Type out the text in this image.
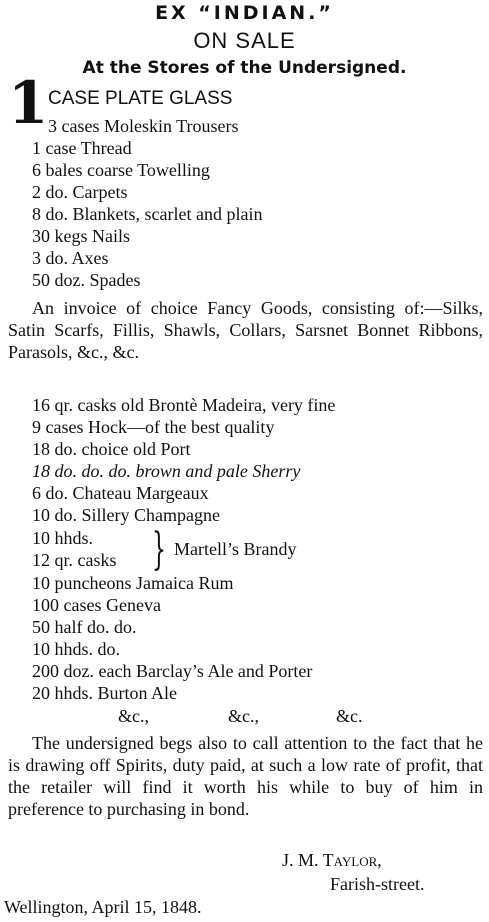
EX “INDIAN.”
ON SALE
At the Stores of the Undersigned.
1 CASE PLATE GLASS
3 cases Moleskin Trousers
1 case Thread
6 bales coarse Towelling
2 do. Carpets
8 do. Blankets, scarlet and plain
30 kegs Nails
3 do. Axes
50 doz. Spades
An invoice of choice Fancy Goods, consisting of:—Silks, Satin Scarfs, Fillis, Shawls, Collars, Sarsnet Bonnet Ribbons, Parasols, &c., &c.
16 qr. casks old Brontè Madeira, very fine
9 cases Hock—of the best quality
18 do. choice old Port
18 do. do. do. brown and pale Sherry
6 do. Chateau Margeaux
10 do. Sillery Champagne
10 hhds.
12 qr. casks } Martell’s Brandy
10 puncheons Jamaica Rum
100 cases Geneva
50 half do. do.
10 hhds. do.
200 doz. each Barclay’s Ale and Porter
20 hhds. Burton Ale
&c.,	&c.,	&c.
The undersigned begs also to call attention to the fact that he is drawing off Spirits, duty paid, at such a low rate of profit, that the retailer will find it worth his while to buy of him in preference to purchasing in bond.
J. M. Taylor,
Farish-street.
Wellington, April 15, 1848.
